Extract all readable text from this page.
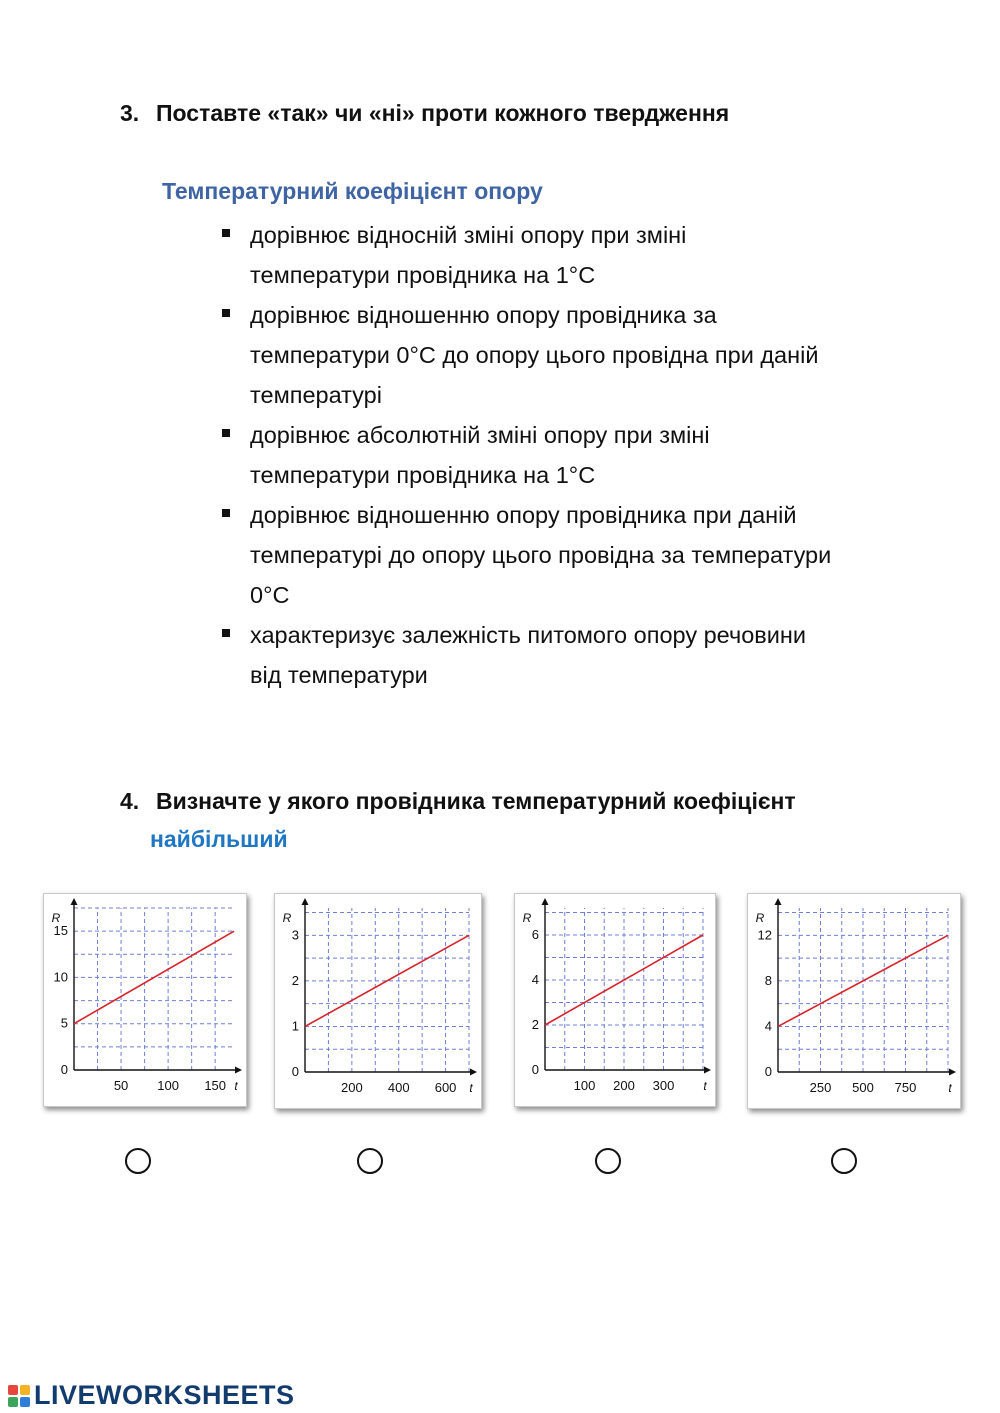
3. Поставте «так» чи «ні» проти кожного твердження
Температурний коефіцієнт опору
дорівнює відносній зміні опору при зміні
температури провідника на 1°С
дорівнює відношенню опору провідника за
температури 0°С до опору цього провідна при даній
температурі
дорівнює абсолютній зміні опору при зміні
температури провідника на 1°С
дорівнює відношенню опору провідника при даній
температурі до опору цього провідна за температури
0°С
характеризує залежність питомого опору речовини
від температури
4. Визначте у якого провідника температурний коефіцієнт

найбільший

t
R
50 100 150
0
5
10
15
t
R
200 400 600
0
1
2
3
t
R
100 200 300
0
2
4
6
t
R
250 500 750
0
4
8
12
LIVEWORKSHEETS
